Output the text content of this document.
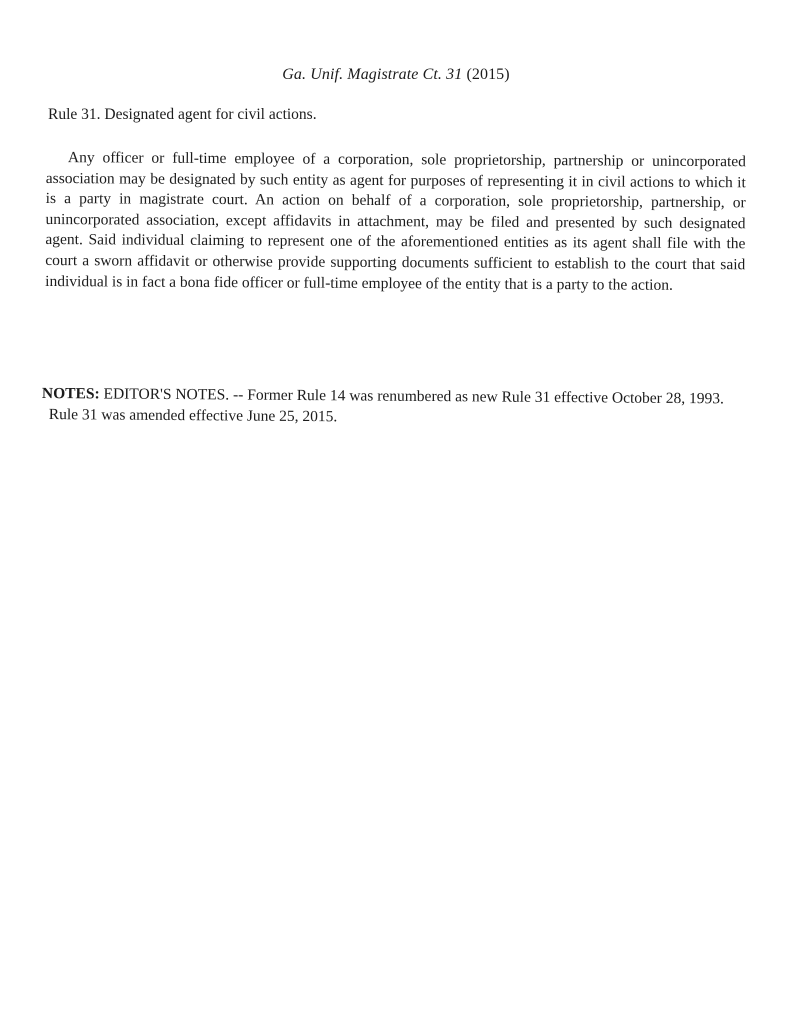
Ga. Unif. Magistrate Ct. 31 (2015)
Rule 31. Designated agent for civil actions.

Any officer or full-time employee of a corporation, sole proprietorship, partnership or unincorporated association may be designated by such entity as agent for purposes of representing it in civil actions to which it is a party in magistrate court. An action on behalf of a corporation, sole proprietorship, partnership, or unincorporated association, except affidavits in attachment, may be filed and presented by such designated agent. Said individual claiming to represent one of the aforementioned entities as its agent shall file with the court a sworn affidavit or otherwise provide supporting documents sufficient to establish to the court that said individual is in fact a bona fide officer or full-time employee of the entity that is a party to the action.

NOTES: EDITOR'S NOTES. -- Former Rule 14 was renumbered as new Rule 31 effective October 28, 1993.
Rule 31 was amended effective June 25, 2015.
